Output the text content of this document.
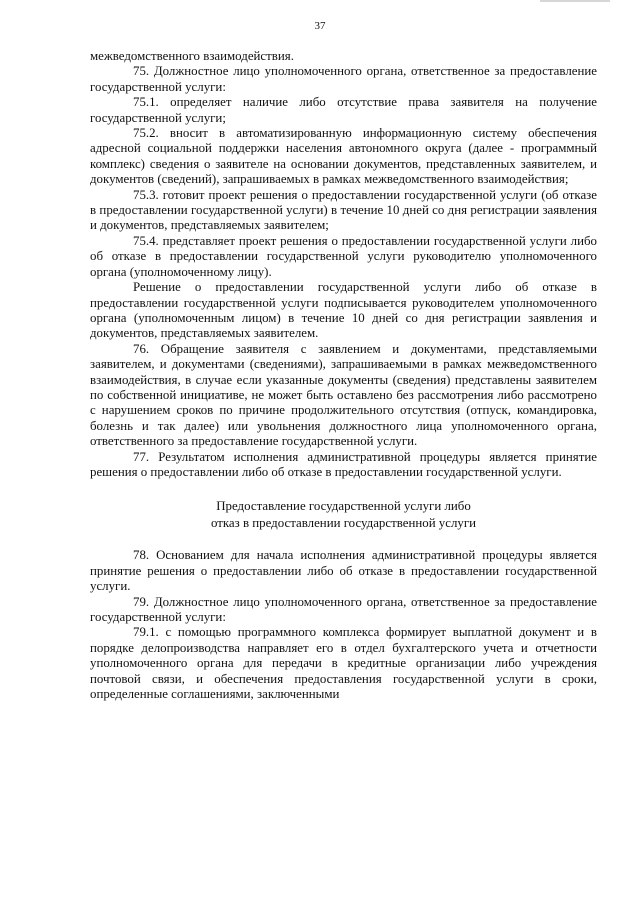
37

межведомственного взаимодействия.

75. Должностное лицо уполномоченного органа, ответственное за предоставление государственной услуги:

75.1. определяет наличие либо отсутствие права заявителя на получение государственной услуги;

75.2. вносит в автоматизированную информационную систему обеспечения адресной социальной поддержки населения автономного округа (далее - программный комплекс) сведения о заявителе на основании документов, представленных заявителем, и документов (сведений), запрашиваемых в рамках межведомственного взаимодействия;

75.3. готовит проект решения о предоставлении государственной услуги (об отказе в предоставлении государственной услуги) в течение 10 дней со дня регистрации заявления и документов, представляемых заявителем;

75.4. представляет проект решения о предоставлении государственной услуги либо об отказе в предоставлении государственной услуги руководителю уполномоченного органа (уполномоченному лицу).

Решение о предоставлении государственной услуги либо об отказе в предоставлении государственной услуги подписывается руководителем уполномоченного органа (уполномоченным лицом) в течение 10 дней со дня регистрации заявления и документов, представляемых заявителем.

76. Обращение заявителя с заявлением и документами, представляемыми заявителем, и документами (сведениями), запрашиваемыми в рамках межведомственного взаимодействия, в случае если указанные документы (сведения) представлены заявителем по собственной инициативе, не может быть оставлено без рассмотрения либо рассмотрено с нарушением сроков по причине продолжительного отсутствия (отпуск, командировка, болезнь и так далее) или увольнения должностного лица уполномоченного органа, ответственного за предоставление государственной услуги.

77. Результатом исполнения административной процедуры является принятие решения о предоставлении либо об отказе в предоставлении государственной услуги.

Предоставление государственной услуги либо
отказ в предоставлении государственной услуги

78. Основанием для начала исполнения административной процедуры является принятие решения о предоставлении либо об отказе в предоставлении государственной услуги.

79. Должностное лицо уполномоченного органа, ответственное за предоставление государственной услуги:

79.1. с помощью программного комплекса формирует выплатной документ и в порядке делопроизводства направляет его в отдел бухгалтерского учета и отчетности уполномоченного органа для передачи в кредитные организации либо учреждения почтовой связи, и обеспечения предоставления государственной услуги в сроки, определенные соглашениями, заключенными
